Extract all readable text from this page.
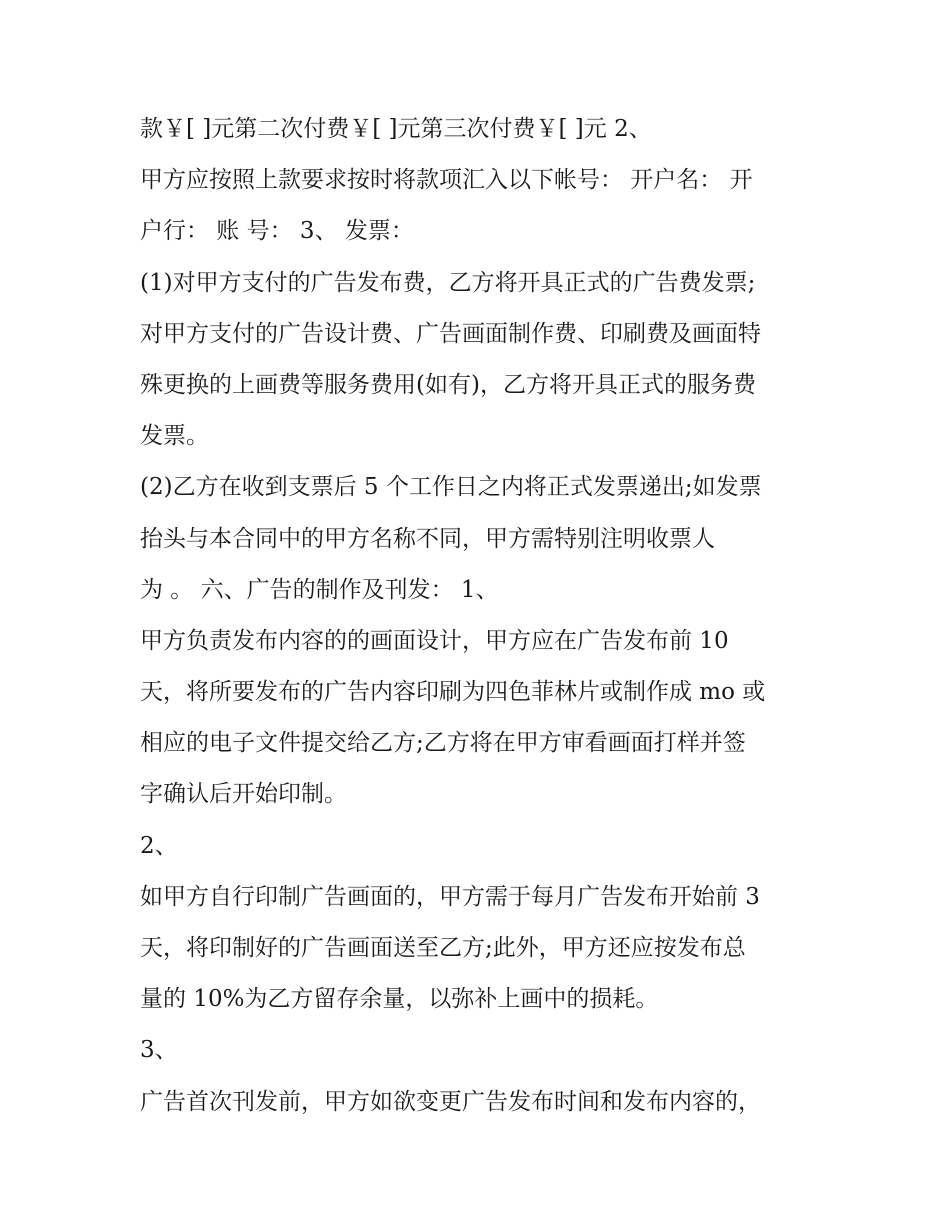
款￥[ ]元第二次付费￥[ ]元第三次付费￥[ ]元 2、
甲方应按照上款要求按时将款项汇入以下帐号： 开户名： 开
户行： 账 号： 3、 发票：
(1)对甲方支付的广告发布费，乙方将开具正式的广告费发票;
对甲方支付的广告设计费、广告画面制作费、印刷费及画面特
殊更换的上画费等服务费用(如有)，乙方将开具正式的服务费
发票。
(2)乙方在收到支票后 5 个工作日之内将正式发票递出;如发票
抬头与本合同中的甲方名称不同，甲方需特别注明收票人
为 。 六、广告的制作及刊发： 1、
甲方负责发布内容的的画面设计，甲方应在广告发布前 10
天，将所要发布的广告内容印刷为四色菲林片或制作成 mo 或
相应的电子文件提交给乙方;乙方将在甲方审看画面打样并签
字确认后开始印制。
2、
如甲方自行印制广告画面的，甲方需于每月广告发布开始前 3
天，将印制好的广告画面送至乙方;此外，甲方还应按发布总
量的 10%为乙方留存余量，以弥补上画中的损耗。
3、
广告首次刊发前，甲方如欲变更广告发布时间和发布内容的，
